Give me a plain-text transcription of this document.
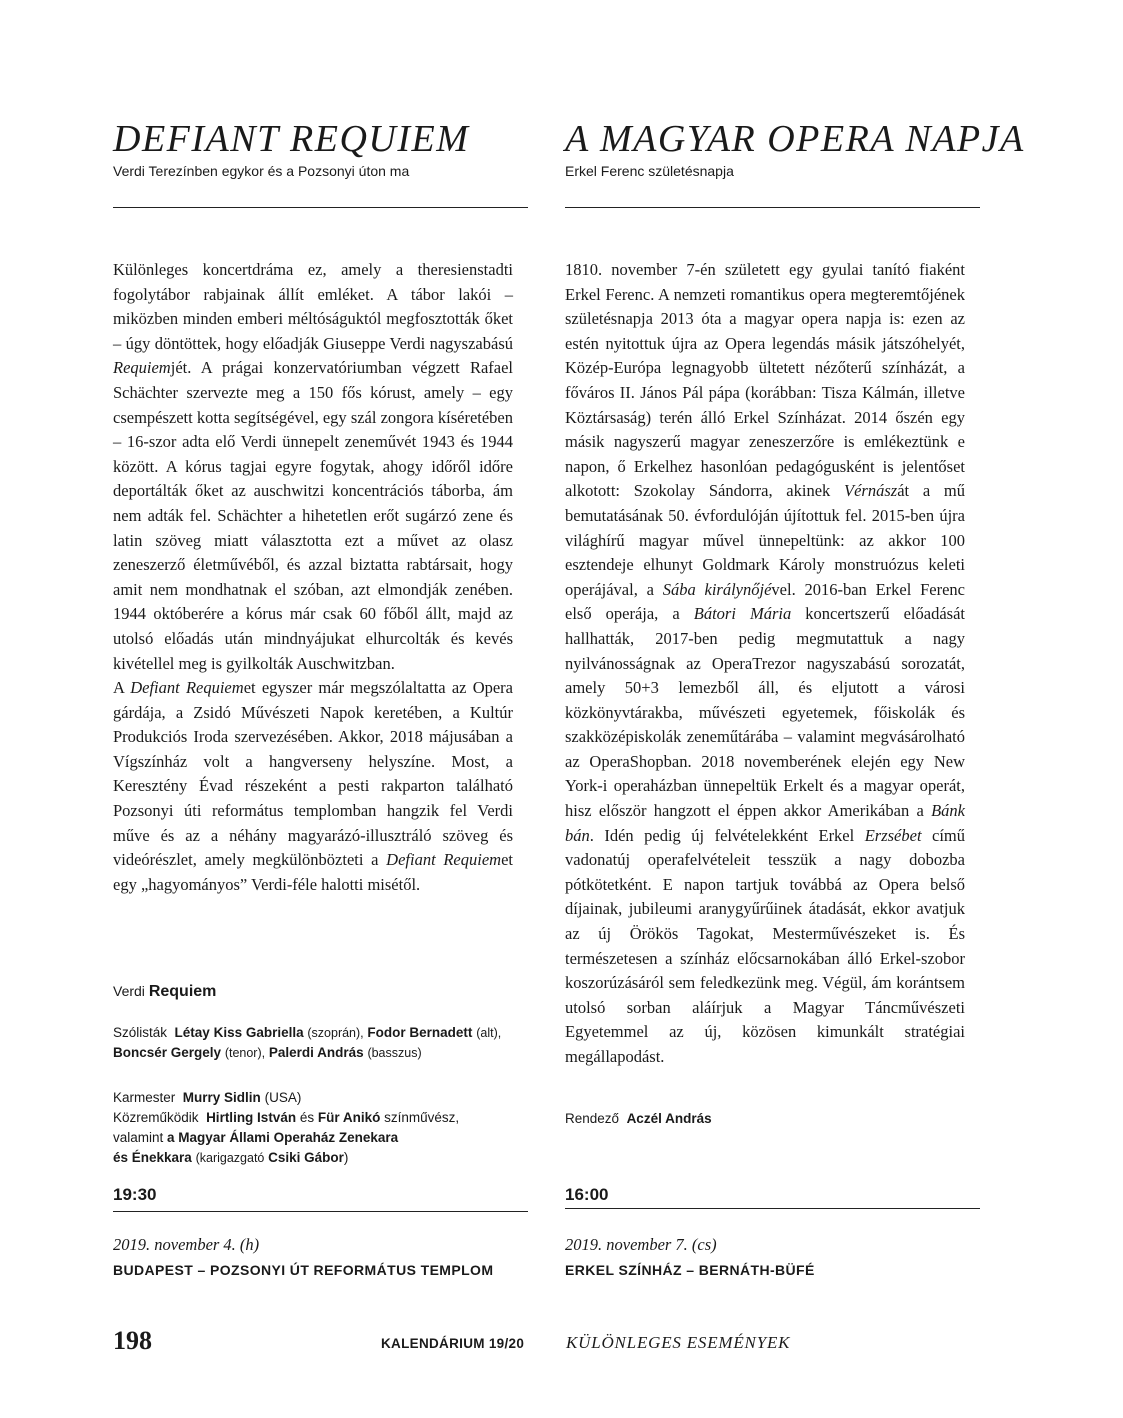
DEFIANT REQUIEM
Verdi Terezínben egykor és a Pozsonyi úton ma

Különleges koncertdráma ez, amely a theresienstadti fogolytábor rabjainak állít emléket. A tábor lakói – miközben minden emberi méltóságuktól megfosztották őket – úgy döntöttek, hogy előadják Giuseppe Verdi nagyszabású Requiemjét. A prágai konzervatóriumban végzett Rafael Schächter szervezte meg a 150 fős kórust, amely – egy csempészett kotta segítségével, egy szál zongora kíséretében – 16-szor adta elő Verdi ünnepelt zeneművét 1943 és 1944 között. A kórus tagjai egyre fogytak, ahogy időről időre deportálták őket az auschwitzi koncentrációs táborba, ám nem adták fel. Schächter a hihetetlen erőt sugárzó zene és latin szöveg miatt választotta ezt a művet az olasz zeneszerző életművéből, és azzal biztatta rabtársait, hogy amit nem mondhatnak el szóban, azt elmondják zenében. 1944 októberére a kórus már csak 60 főből állt, majd az utolsó előadás után mindnyájukat elhurcolták és kevés kivétellel meg is gyilkolták Auschwitzban.

A Defiant Requiemet egyszer már megszólaltatta az Opera gárdája, a Zsidó Művészeti Napok keretében, a Kultúr Produkciós Iroda szervezésében. Akkor, 2018 májusában a Vígszínház volt a hangverseny helyszíne. Most, a Keresztény Évad részeként a pesti rakparton található Pozsonyi úti református templomban hangzik fel Verdi műve és az a néhány magyarázó-illusztráló szöveg és videórészlet, amely megkülönbözteti a Defiant Requiemet egy „hagyományos” Verdi-féle halotti misétől.

Verdi Requiem
Szólisták Létay Kiss Gabriella (szoprán), Fodor Bernadett (alt),
Boncsér Gergely (tenor), Palerdi András (basszus)
Karmester Murry Sidlin (USA)
Közreműködik Hirtling István és Für Anikó színművész,
valamint a Magyar Állami Operaház Zenekara
és Énekkara (karigazgató Csiki Gábor)
19:30
2019. november 4. (h)
BUDAPEST – POZSONYI ÚT REFORMÁTUS TEMPLOM
A MAGYAR OPERA NAPJA
Erkel Ferenc születésnapja

1810. november 7-én született egy gyulai tanító fiaként Erkel Ferenc. A nemzeti romantikus opera megteremtőjének születésnapja 2013 óta a magyar opera napja is: ezen az estén nyitottuk újra az Opera legendás másik játszóhelyét, Közép-Európa legnagyobb ültetett nézőterű színházát, a főváros II. János Pál pápa (korábban: Tisza Kálmán, illetve Köztársaság) terén álló Erkel Színházat. 2014 őszén egy másik nagyszerű magyar zeneszerzőre is emlékeztünk e napon, ő Erkelhez hasonlóan pedagógusként is jelentőset alkotott: Szokolay Sándorra, akinek Vérnászát a mű bemutatásának 50. évfordulóján újítottuk fel. 2015-ben újra világhírű magyar művel ünnepeltünk: az akkor 100 esztendeje elhunyt Goldmark Károly monstruózus keleti operájával, a Sába királynőjével. 2016-ban Erkel Ferenc első operája, a Bátori Mária koncertszerű előadását hallhatták, 2017-ben pedig megmutattuk a nagy nyilvánosságnak az OperaTrezor nagyszabású sorozatát, amely 50+3 lemezből áll, és eljutott a városi közkönyvtárakba, művészeti egyetemek, főiskolák és szakközépiskolák zeneműtárába – valamint megvásárolható az OperaShopban. 2018 novemberének elején egy New York-i operaházban ünnepeltük Erkelt és a magyar operát, hisz először hangzott el éppen akkor Amerikában a Bánk bán. Idén pedig új felvételekként Erkel Erzsébet című vadonatúj operafelvételeit tesszük a nagy dobozba pótkötetként. E napon tartjuk továbbá az Opera belső díjainak, jubileumi aranygyűrűinek átadását, ekkor avatjuk az új Örökös Tagokat, Mesterművészeket is. És természetesen a színház előcsarnokában álló Erkel-szobor koszorúzásáról sem feledkezünk meg. Végül, ám korántsem utolsó sorban aláírjuk a Magyar Táncművészeti Egyetemmel az új, közösen kimunkált stratégiai megállapodást.

Rendező Aczél András
16:00
2019. november 7. (cs)
ERKEL SZÍNHÁZ – BERNÁTH-BÜFÉ
198	KALENDÁRIUM 19/20 KÜLÖNLEGES ESEMÉNYEK
